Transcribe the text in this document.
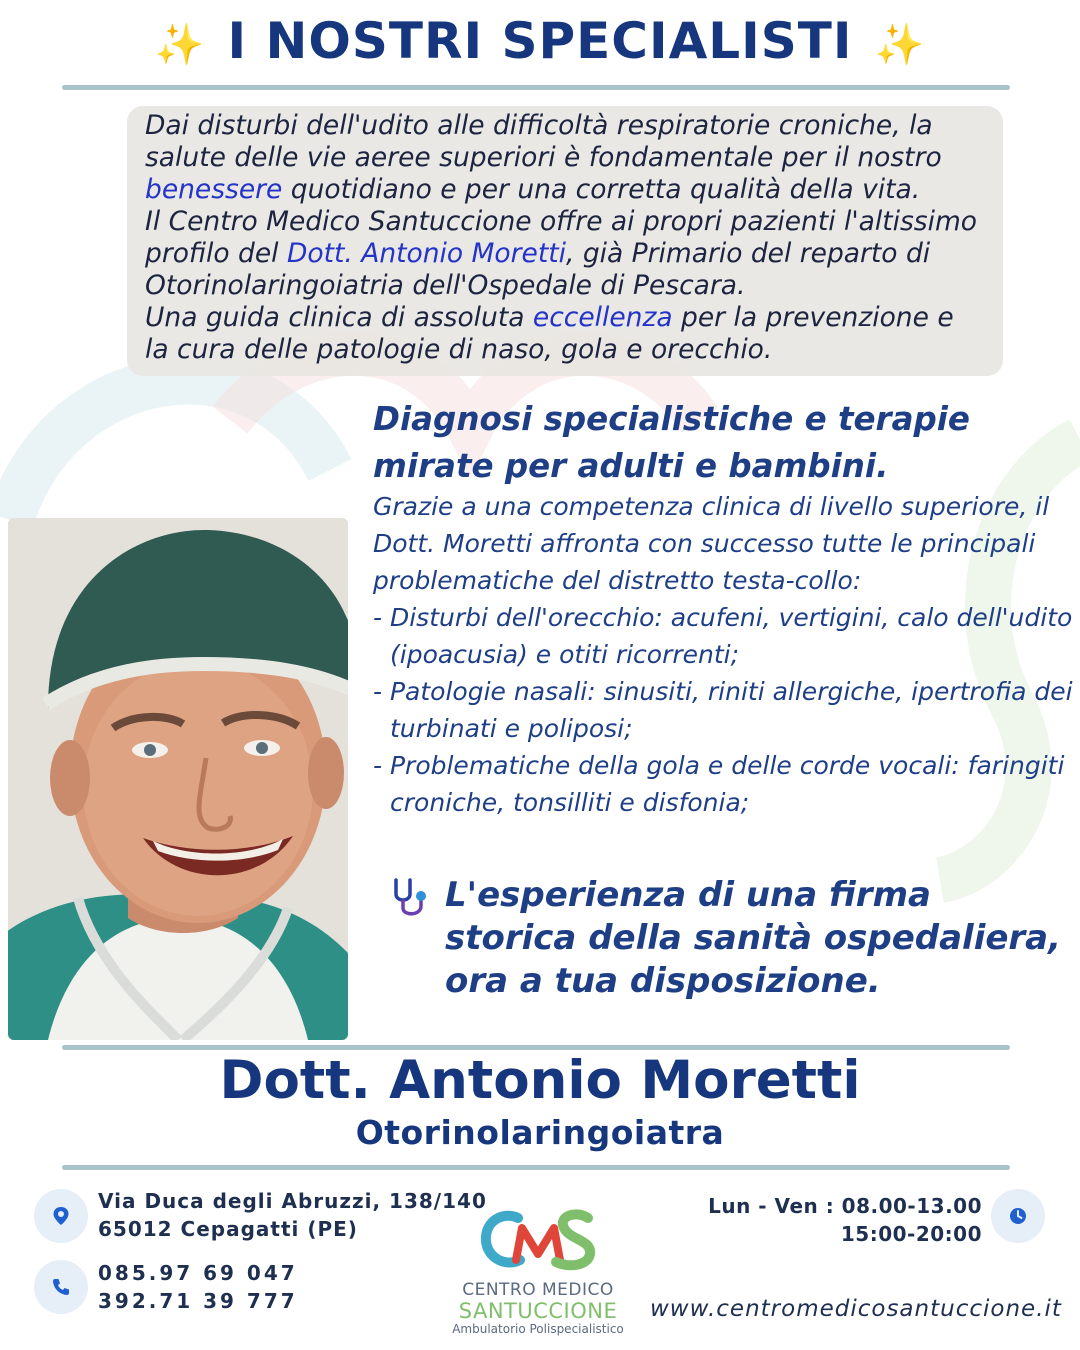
✨ I NOSTRI SPECIALISTI ✨
Dai disturbi dell'udito alle difficoltà respiratorie croniche, la salute delle vie aeree superiori è fondamentale per il nostro benessere quotidiano e per una corretta qualità della vita.
Il Centro Medico Santuccione offre ai propri pazienti l'altissimo profilo del Dott. Antonio Moretti, già Primario del reparto di Otorinolaringoiatria dell'Ospedale di Pescara.
Una guida clinica di assoluta eccellenza per la prevenzione e la cura delle patologie di naso, gola e orecchio.
Diagnosi specialistiche e terapie mirate per adulti e bambini.
Grazie a una competenza clinica di livello superiore, il Dott. Moretti affronta con successo tutte le principali problematiche del distretto testa-collo:
- Disturbi dell'orecchio: acufeni, vertigini, calo dell'udito (ipoacusia) e otiti ricorrenti;
- Patologie nasali: sinusiti, riniti allergiche, ipertrofia dei turbinati e poliposi;
- Problematiche della gola e delle corde vocali: faringiti croniche, tonsilliti e disfonia;
L'esperienza di una firma storica della sanità ospedaliera, ora a tua disposizione.
Dott. Antonio Moretti
Otorinolaringoiatra
Via Duca degli Abruzzi, 138/140
65012 Cepagatti (PE)
085.97 69 047
392.71 39 777	CENTRO MEDICO
SANTUCCIONE
Ambulatorio Polispecialistico
Lun - Ven : 08.00-13.00
15:00-20:00
www.centromedicosantuccione.it
